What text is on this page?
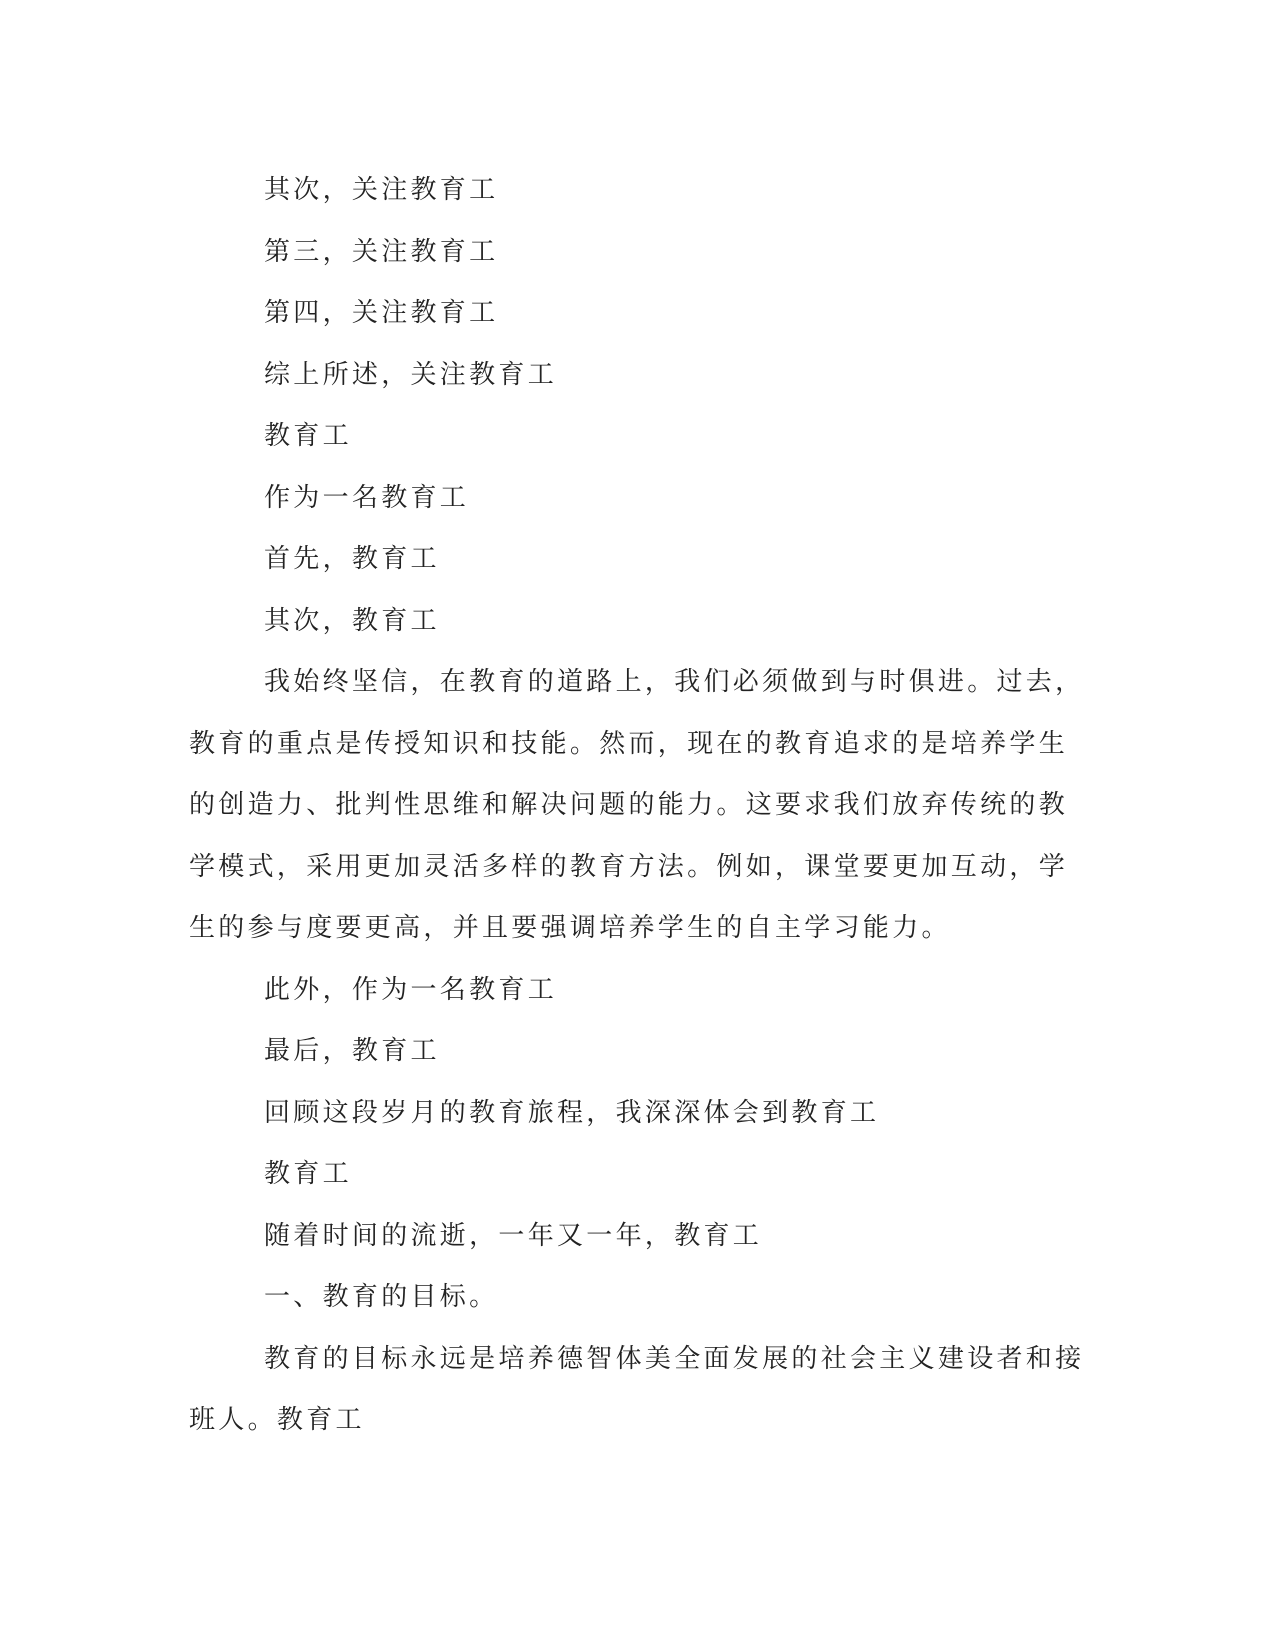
其次，关注教育工

第三，关注教育工

第四，关注教育工

综上所述，关注教育工

教育工

作为一名教育工

首先，教育工

其次，教育工

我始终坚信，在教育的道路上，我们必须做到与时俱进。过去，教育的重点是传授知识和技能。然而，现在的教育追求的是培养学生的创造力、批判性思维和解决问题的能力。这要求我们放弃传统的教学模式，采用更加灵活多样的教育方法。例如，课堂要更加互动，学生的参与度要更高，并且要强调培养学生的自主学习能力。

此外，作为一名教育工

最后，教育工

回顾这段岁月的教育旅程，我深深体会到教育工

教育工

随着时间的流逝，一年又一年，教育工

一、教育的目标。

教育的目标永远是培养德智体美全面发展的社会主义建设者和接班人。教育工
